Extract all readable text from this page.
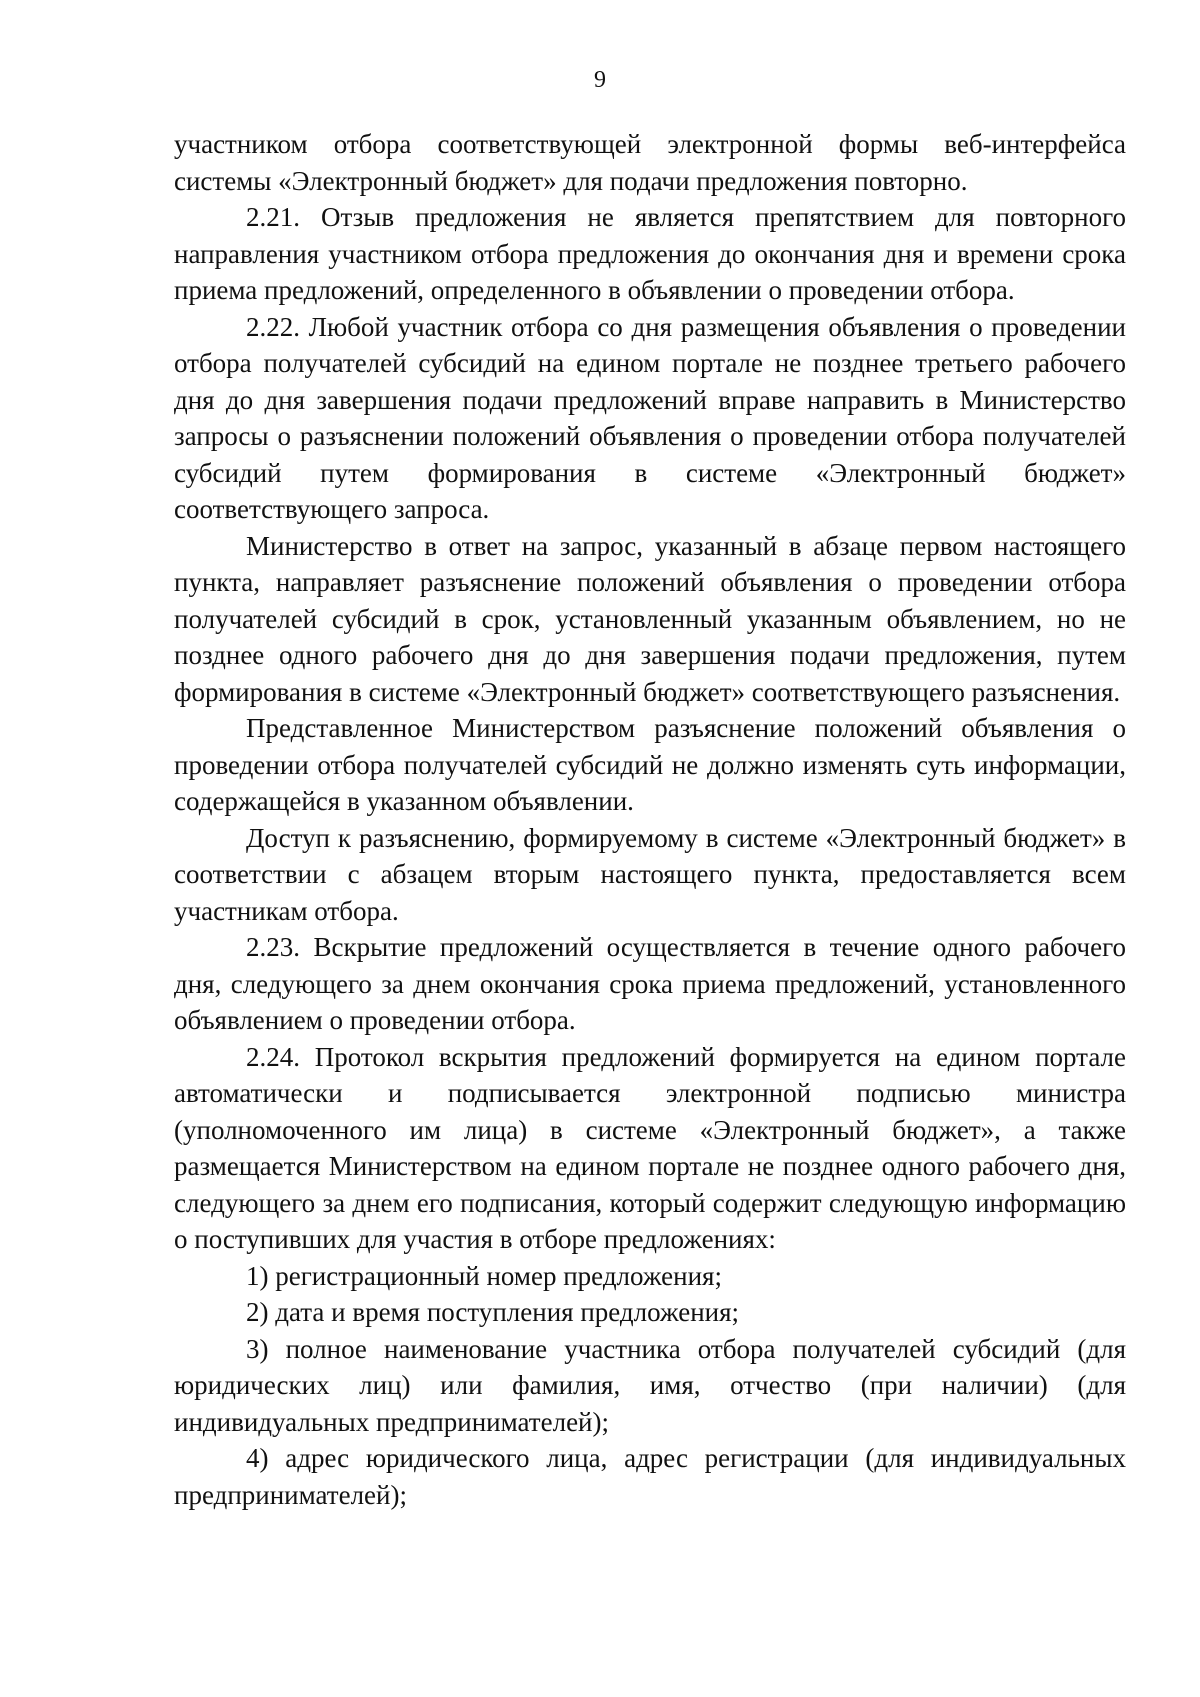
9

участником отбора соответствующей электронной формы веб-интерфейса системы «Электронный бюджет» для подачи предложения повторно.

2.21. Отзыв предложения не является препятствием для повторного направления участником отбора предложения до окончания дня и времени срока приема предложений, определенного в объявлении о проведении отбора.

2.22. Любой участник отбора со дня размещения объявления о проведении отбора получателей субсидий на едином портале не позднее третьего рабочего дня до дня завершения подачи предложений вправе направить в Министерство запросы о разъяснении положений объявления о проведении отбора получателей субсидий путем формирования в системе «Электронный бюджет» соответствующего запроса.

Министерство в ответ на запрос, указанный в абзаце первом настоящего пункта, направляет разъяснение положений объявления о проведении отбора получателей субсидий в срок, установленный указанным объявлением, но не позднее одного рабочего дня до дня завершения подачи предложения, путем формирования в системе «Электронный бюджет» соответствующего разъяснения.

Представленное Министерством разъяснение положений объявления о проведении отбора получателей субсидий не должно изменять суть информации, содержащейся в указанном объявлении.

Доступ к разъяснению, формируемому в системе «Электронный бюджет» в соответствии с абзацем вторым настоящего пункта, предоставляется всем участникам отбора.

2.23. Вскрытие предложений осуществляется в течение одного рабочего дня, следующего за днем окончания срока приема предложений, установленного объявлением о проведении отбора.

2.24. Протокол вскрытия предложений формируется на едином портале автоматически и подписывается электронной подписью министра (уполномоченного им лица) в системе «Электронный бюджет», а также размещается Министерством на едином портале не позднее одного рабочего дня, следующего за днем его подписания, который содержит следующую информацию о поступивших для участия в отборе предложениях:

1) регистрационный номер предложения;

2) дата и время поступления предложения;

3) полное наименование участника отбора получателей субсидий (для юридических лиц) или фамилия, имя, отчество (при наличии) (для индивидуальных предпринимателей);

4) адрес юридического лица, адрес регистрации (для индивидуальных предпринимателей);
